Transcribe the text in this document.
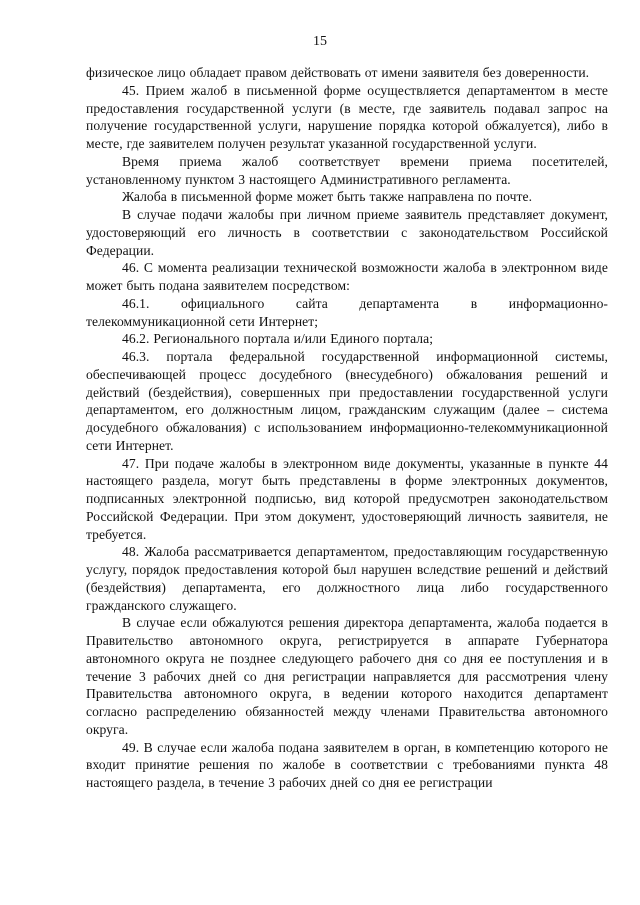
15

физическое лицо обладает правом действовать от имени заявителя без доверенности.

45. Прием жалоб в письменной форме осуществляется департаментом в месте предоставления государственной услуги (в месте, где заявитель подавал запрос на получение государственной услуги, нарушение порядка которой обжалуется), либо в месте, где заявителем получен результат указанной государственной услуги.

Время приема жалоб соответствует времени приема посетителей, установленному пунктом 3 настоящего Административного регламента.

Жалоба в письменной форме может быть также направлена по почте.

В случае подачи жалобы при личном приеме заявитель представляет документ, удостоверяющий его личность в соответствии с законодательством Российской Федерации.

46. С момента реализации технической возможности жалоба в электронном виде может быть подана заявителем посредством:

46.1. официального сайта департамента в информационно-телекоммуникационной сети Интернет;

46.2. Регионального портала и/или Единого портала;

46.3. портала федеральной государственной информационной системы, обеспечивающей процесс досудебного (внесудебного) обжалования решений и действий (бездействия), совершенных при предоставлении государственной услуги департаментом, его должностным лицом, гражданским служащим (далее – система досудебного обжалования) с использованием информационно-телекоммуникационной сети Интернет.

47. При подаче жалобы в электронном виде документы, указанные в пункте 44 настоящего раздела, могут быть представлены в форме электронных документов, подписанных электронной подписью, вид которой предусмотрен законодательством Российской Федерации. При этом документ, удостоверяющий личность заявителя, не требуется.

48. Жалоба рассматривается департаментом, предоставляющим государственную услугу, порядок предоставления которой был нарушен вследствие решений и действий (бездействия) департамента, его должностного лица либо государственного гражданского служащего.

В случае если обжалуются решения директора департамента, жалоба подается в Правительство автономного округа, регистрируется в аппарате Губернатора автономного округа не позднее следующего рабочего дня со дня ее поступления и в течение 3 рабочих дней со дня регистрации направляется для рассмотрения члену Правительства автономного округа, в ведении которого находится департамент согласно распределению обязанностей между членами Правительства автономного округа.

49. В случае если жалоба подана заявителем в орган, в компетенцию которого не входит принятие решения по жалобе в соответствии с требованиями пункта 48 настоящего раздела, в течение 3 рабочих дней со дня ее регистрации
